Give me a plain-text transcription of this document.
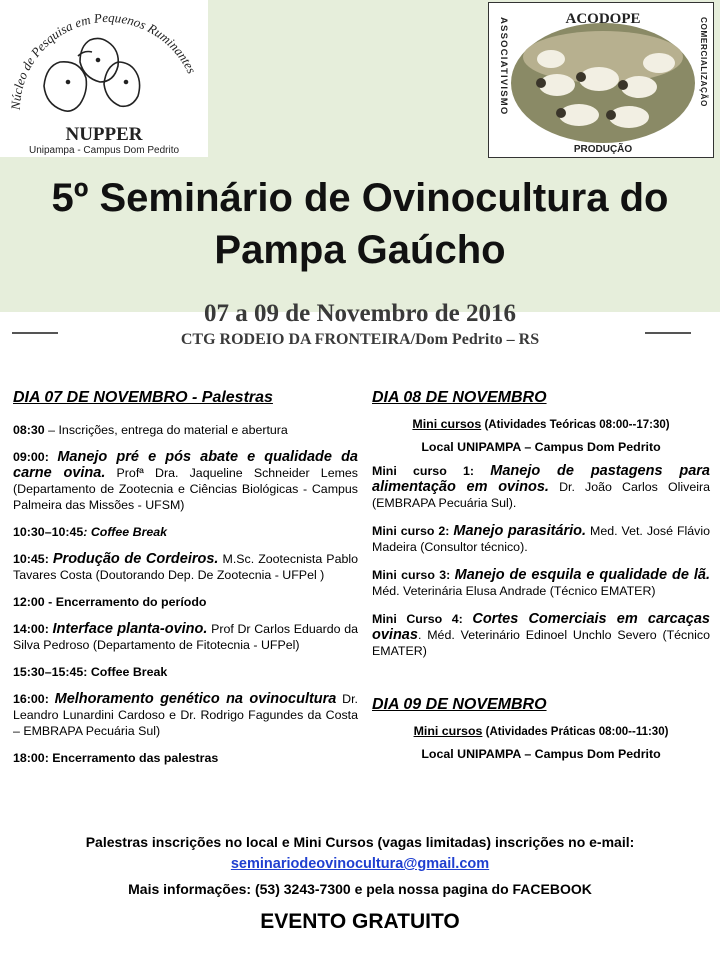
Núcleo de Pesquisa em Pequenos Ruminantes
NUPPER
Unipampa - Campus Dom Pedrito
ACODOPE
PRODUÇÃO
ASSOCIATIVISMO	COMERCIALIZAÇÃO
5º Seminário de Ovinocultura do
Pampa Gaúcho
07 a 09 de Novembro de 2016
CTG RODEIO DA FRONTEIRA/Dom Pedrito – RS
DIA 07 DE NOVEMBRO - Palestras

08:30 – Inscrições, entrega do material e abertura

09:00: Manejo pré e pós abate e qualidade da carne ovina. Profª Dra. Jaqueline Schneider Lemes (Departamento de Zootecnia e Ciências Biológicas - Campus Palmeira das Missões - UFSM)

10:30–10:45: Coffee Break

10:45: Produção de Cordeiros. M.Sc. Zootecnista Pablo Tavares Costa (Doutorando Dep. De Zootecnia - UFPel )

12:00 - Encerramento do período

14:00: Interface planta-ovino. Prof Dr Carlos Eduardo da Silva Pedroso (Departamento de Fitotecnia - UFPel)

15:30–15:45: Coffee Break

16:00: Melhoramento genético na ovinocultura Dr. Leandro Lunardini Cardoso e Dr. Rodrigo Fagundes da Costa – EMBRAPA Pecuária Sul)

18:00: Encerramento das palestras

DIA 08 DE NOVEMBRO

Mini cursos (Atividades Teóricas 08:00--17:30)

Local UNIPAMPA – Campus Dom Pedrito

Mini curso 1: Manejo de pastagens para alimentação em ovinos. Dr. João Carlos Oliveira (EMBRAPA Pecuária Sul).

Mini curso 2: Manejo parasitário. Med. Vet. José Flávio Madeira (Consultor técnico).

Mini curso 3: Manejo de esquila e qualidade de lã. Méd. Veterinária Elusa Andrade (Técnico EMATER)

Mini Curso 4: Cortes Comerciais em carcaças ovinas. Méd. Veterinário Edinoel Unchlo Severo (Técnico EMATER)

DIA 09 DE NOVEMBRO

Mini cursos (Atividades Práticas 08:00--11:30)

Local UNIPAMPA – Campus Dom Pedrito

Palestras inscrições no local e Mini Cursos (vagas limitadas) inscrições no e-mail:
seminariodeovinocultura@gmail.com
Mais informações: (53) 3243-7300 e pela nossa pagina do FACEBOOK
EVENTO GRATUITO
